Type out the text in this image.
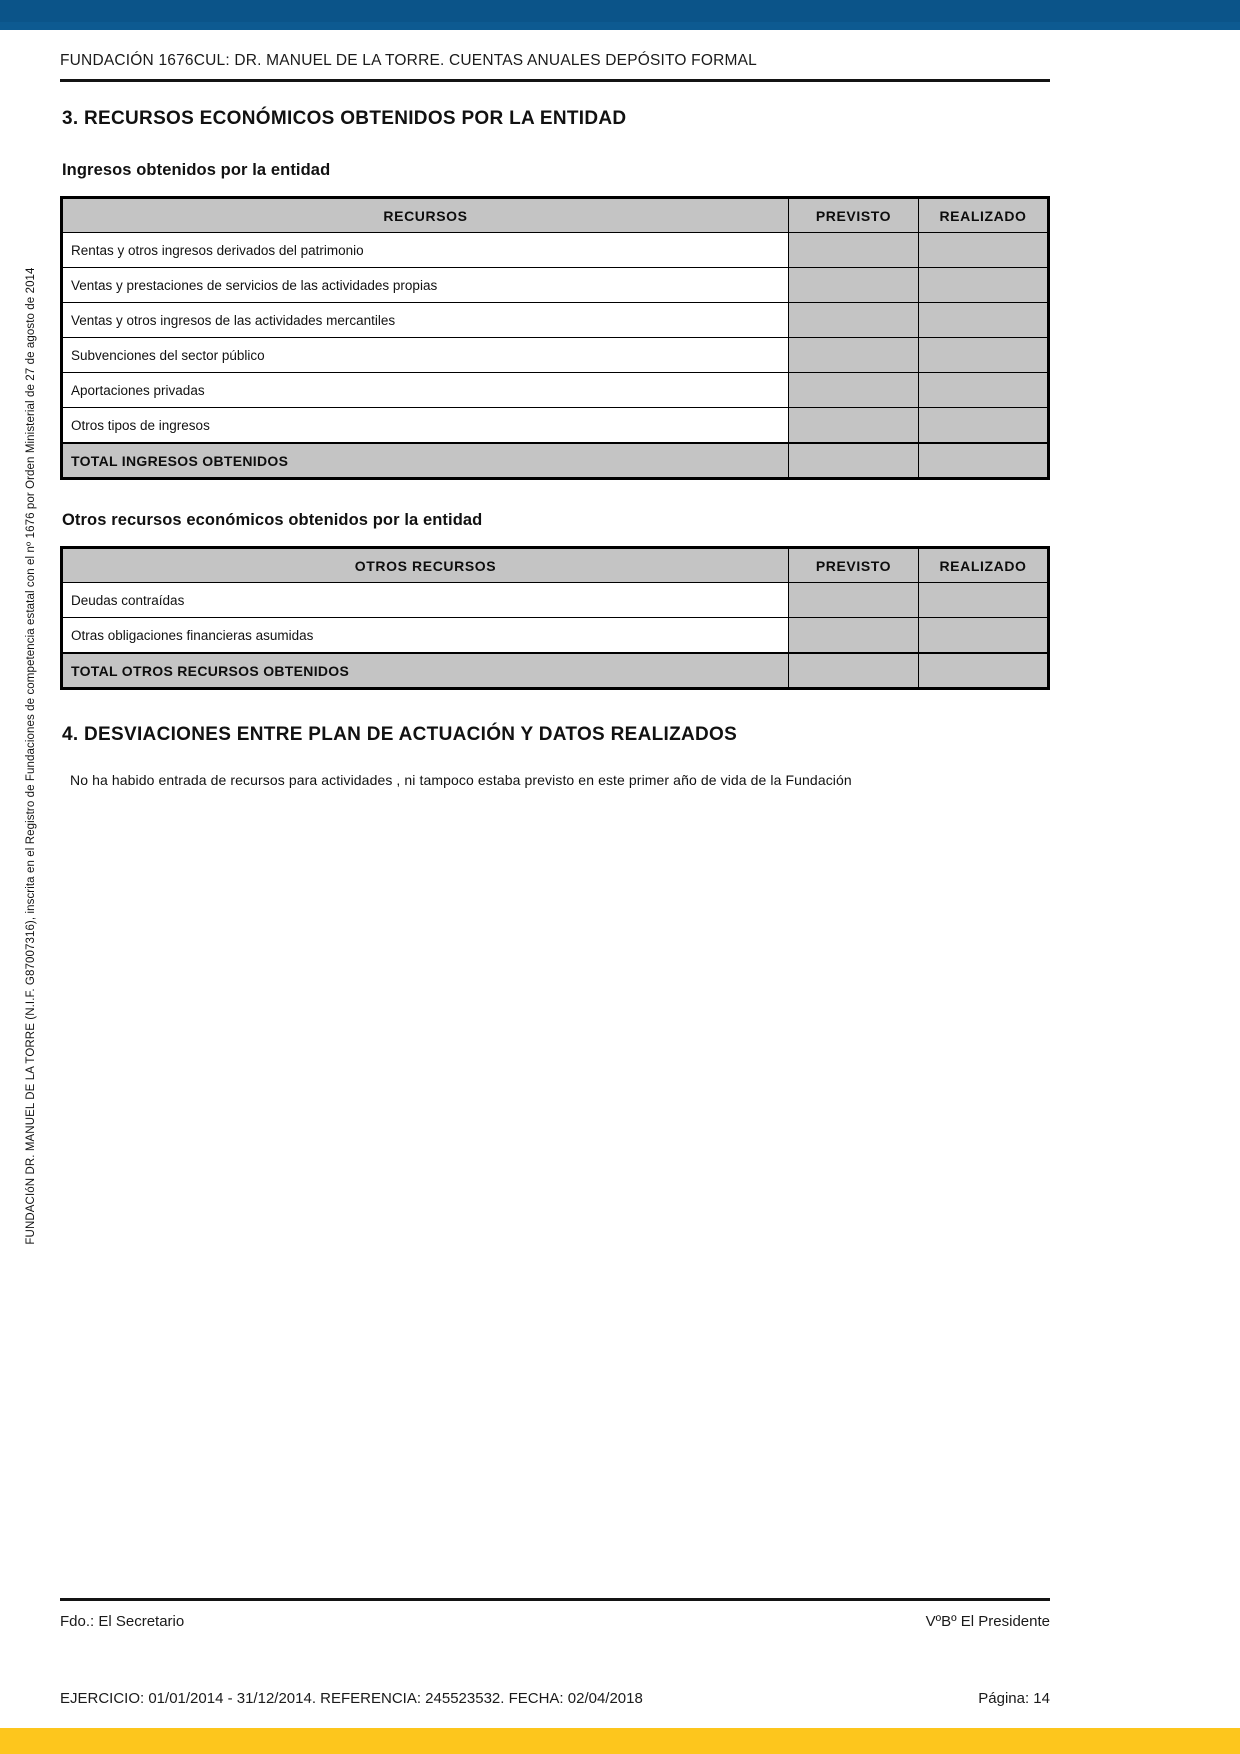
FUNDACIóN DR. MANUEL DE LA TORRE (N.I.F. G87007316), inscrita en el Registro de Fundaciones de competencia estatal con el nº 1676 por Orden Ministerial de 27 de agosto de 2014
FUNDACIÓN 1676CUL: DR. MANUEL DE LA TORRE. CUENTAS ANUALES DEPÓSITO FORMAL
3. RECURSOS ECONÓMICOS OBTENIDOS POR LA ENTIDAD
Ingresos obtenidos por la entidad
RECURSOS	PREVISTO	REALIZADO
Rentas y otros ingresos derivados del patrimonio		
Ventas y prestaciones de servicios de las actividades propias		
Ventas y otros ingresos de las actividades mercantiles		
Subvenciones del sector público		
Aportaciones privadas		
Otros tipos de ingresos		
TOTAL INGRESOS OBTENIDOS		
Otros recursos económicos obtenidos por la entidad
OTROS RECURSOS	PREVISTO	REALIZADO
Deudas contraídas		
Otras obligaciones financieras asumidas		
TOTAL OTROS RECURSOS OBTENIDOS		
4. DESVIACIONES ENTRE PLAN DE ACTUACIÓN Y DATOS REALIZADOS

No ha habido entrada de recursos para actividades , ni tampoco estaba previsto en este primer año de vida de la Fundación

Fdo.: El Secretario	VºBº El Presidente
EJERCICIO: 01/01/2014 - 31/12/2014. REFERENCIA: 245523532. FECHA: 02/04/2018	Página: 14
